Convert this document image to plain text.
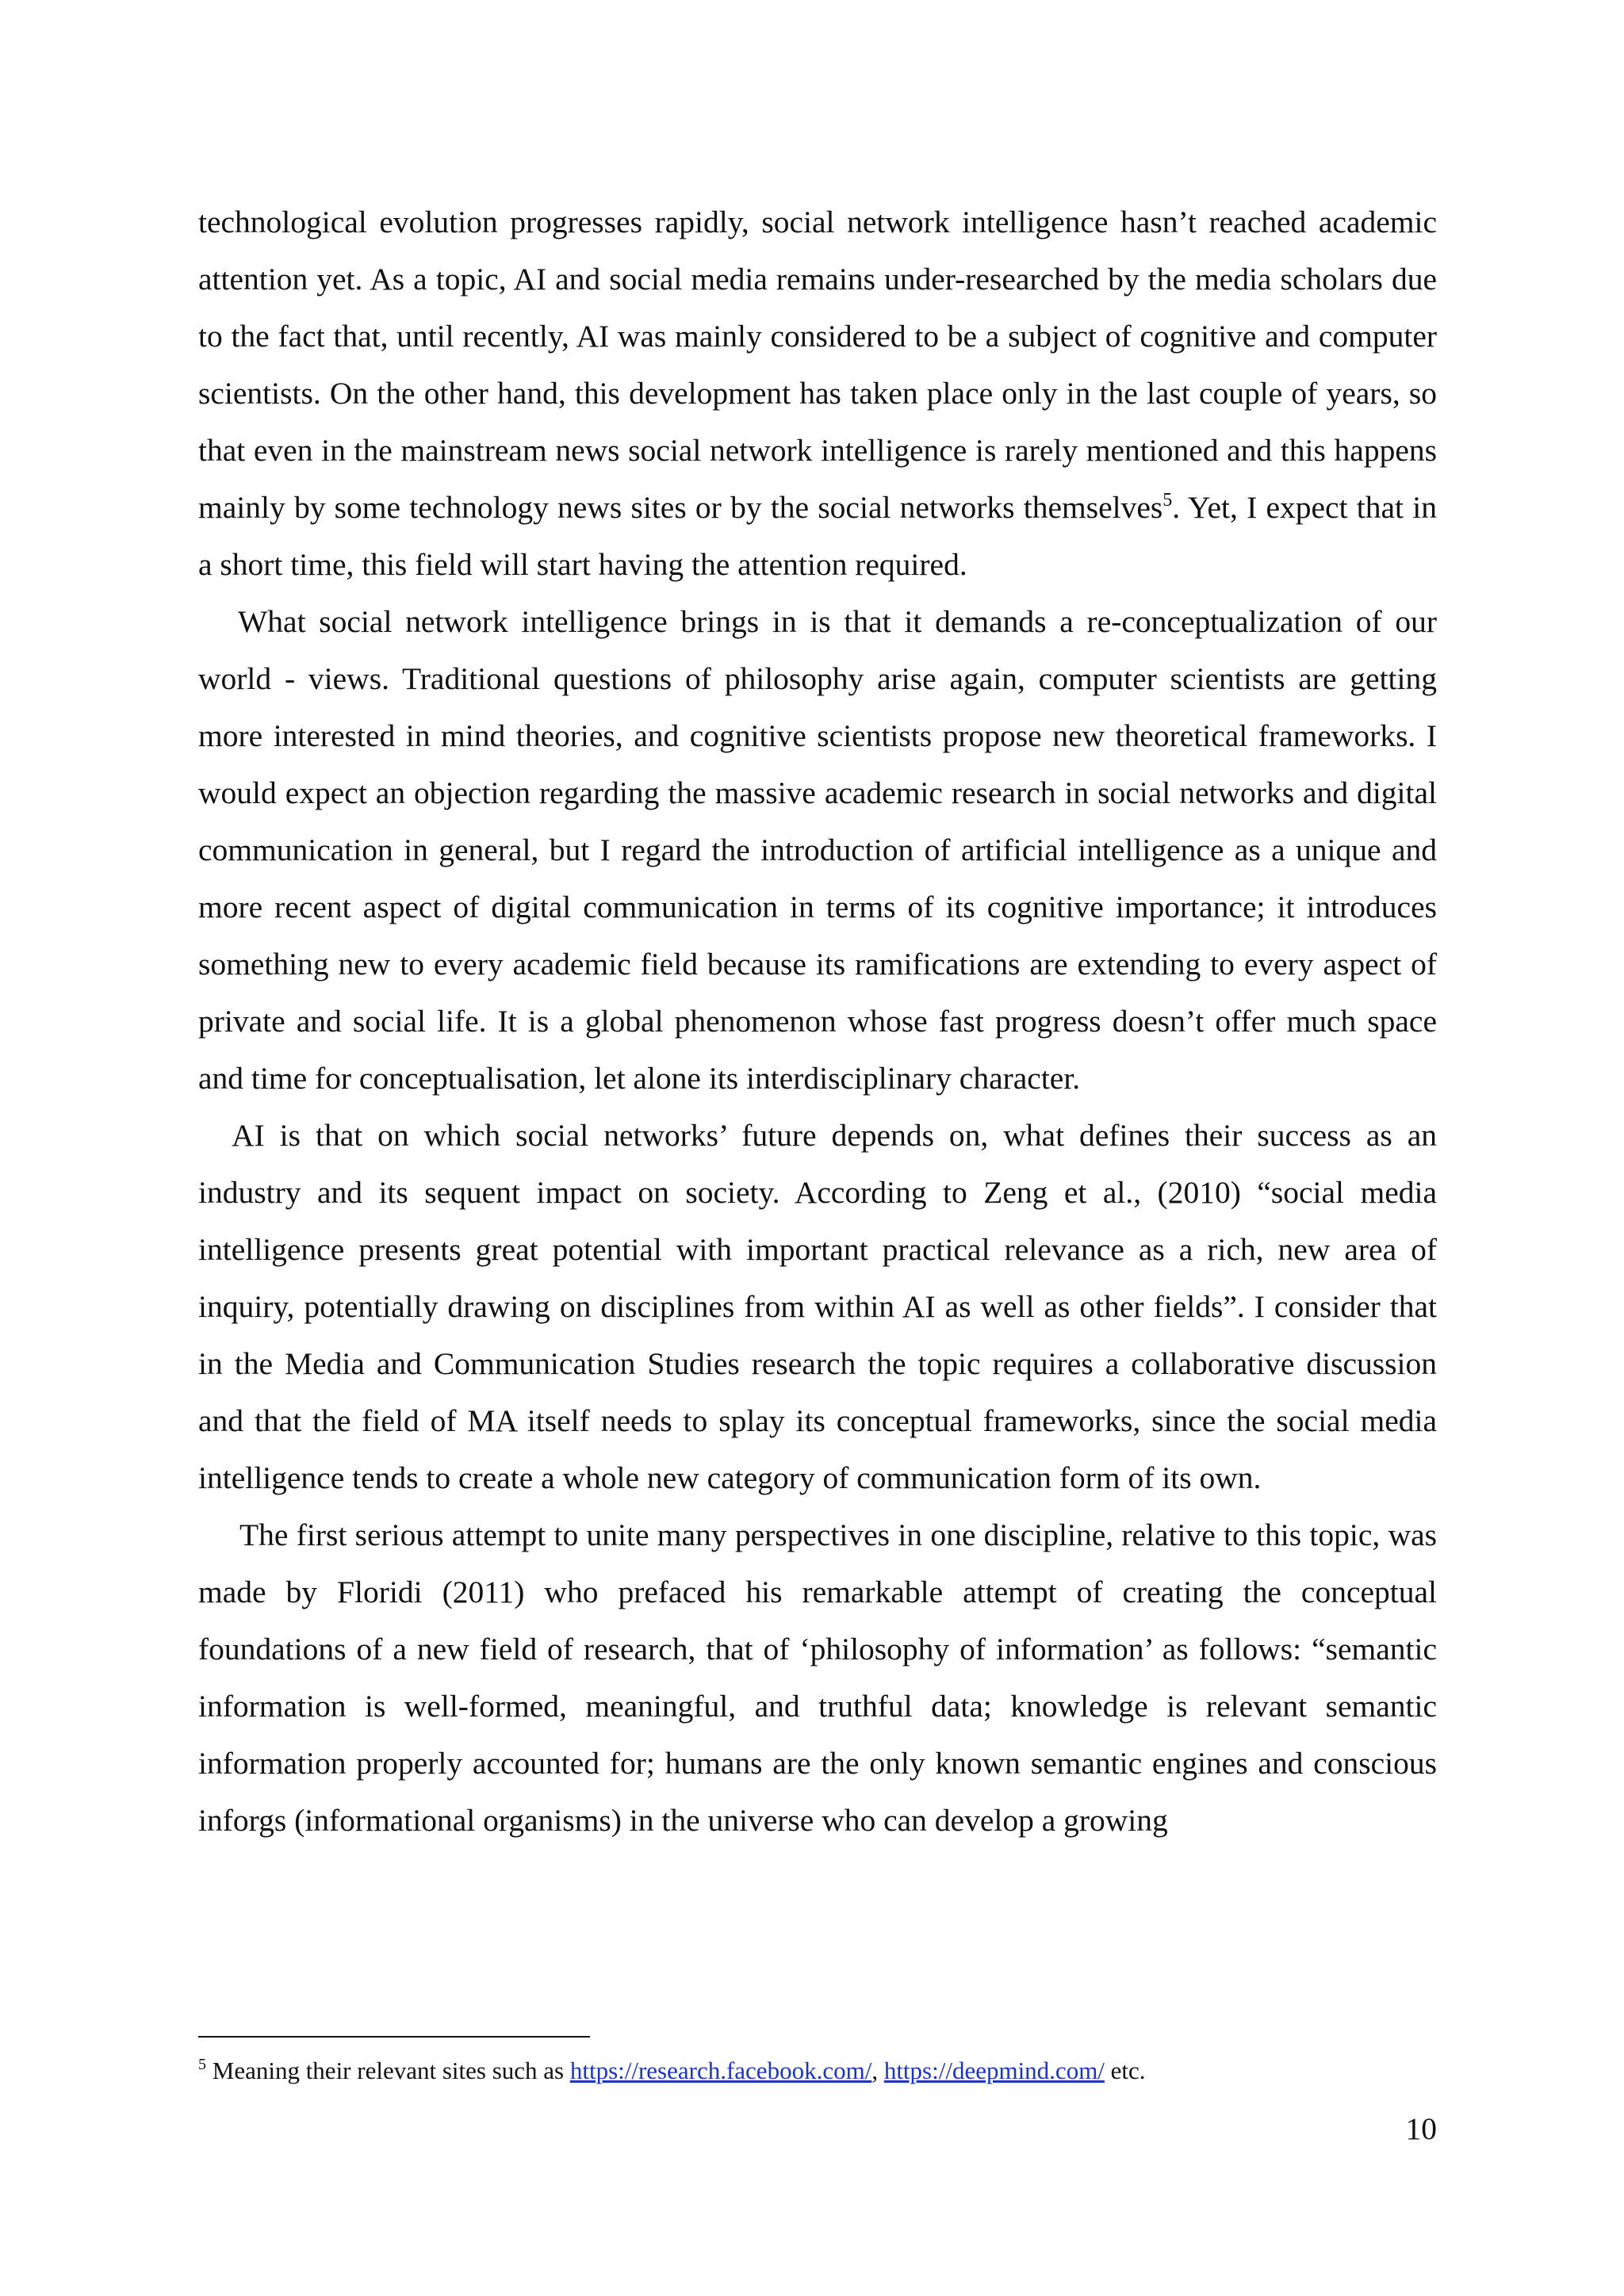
technological evolution progresses rapidly, social network intelligence hasn’t reached academic attention yet. As a topic, AI and social media remains under-researched by the media scholars due to the fact that, until recently, AI was mainly considered to be a subject of cognitive and computer scientists. On the other hand, this development has taken place only in the last couple of years, so that even in the mainstream news social network intelligence is rarely mentioned and this happens mainly by some technology news sites or by the social networks themselves$^5$. Yet, I expect that in a short time, this field will start having the attention required.

What social network intelligence brings in is that it demands a re-conceptualization of our world - views. Traditional questions of philosophy arise again, computer scientists are getting more interested in mind theories, and cognitive scientists propose new theoretical frameworks. I would expect an objection regarding the massive academic research in social networks and digital communication in general, but I regard the introduction of artificial intelligence as a unique and more recent aspect of digital communication in terms of its cognitive importance; it introduces something new to every academic field because its ramifications are extending to every aspect of private and social life. It is a global phenomenon whose fast progress doesn’t offer much space and time for conceptualisation, let alone its interdisciplinary character.

AI is that on which social networks’ future depends on, what defines their success as an industry and its sequent impact on society. According to Zeng et al., (2010) “social media intelligence presents great potential with important practical relevance as a rich, new area of inquiry, potentially drawing on disciplines from within AI as well as other fields”. I consider that in the Media and Communication Studies research the topic requires a collaborative discussion and that the field of MA itself needs to splay its conceptual frameworks, since the social media intelligence tends to create a whole new category of communication form of its own.

The first serious attempt to unite many perspectives in one discipline, relative to this topic, was made by Floridi (2011) who prefaced his remarkable attempt of creating the conceptual foundations of a new field of research, that of ‘philosophy of information’ as follows: “semantic information is well-formed, meaningful, and truthful data; knowledge is relevant semantic information properly accounted for; humans are the only known semantic engines and conscious inforgs (informational organisms) in the universe who can develop a growing

$^5$ Meaning their relevant sites such as https://research.facebook.com/, https://deepmind.com/ etc.

10
